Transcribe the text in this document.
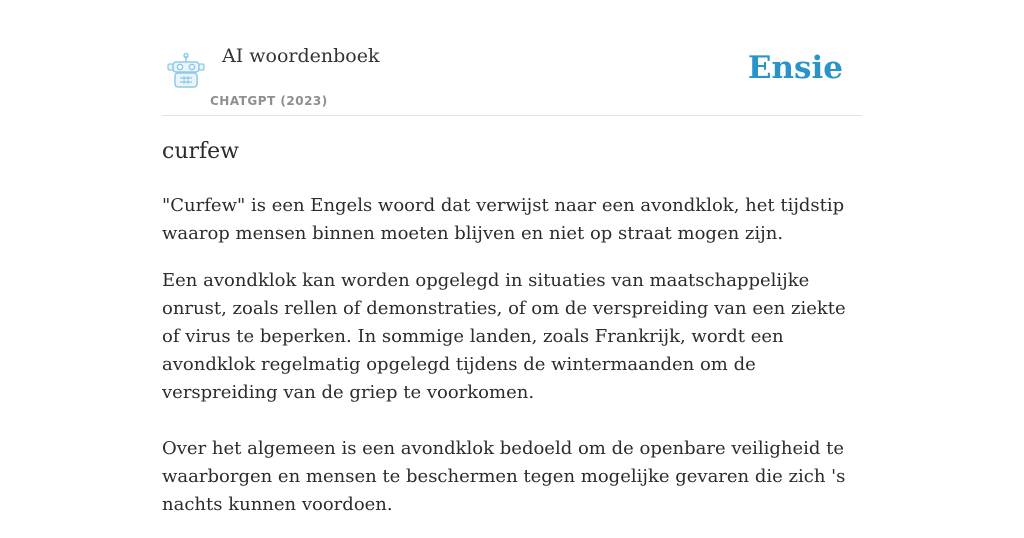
AI woordenboek
CHATGPT (2023)
Ensie
curfew

"Curfew" is een Engels woord dat verwijst naar een avondklok, het tijdstip waarop mensen binnen moeten blijven en niet op straat mogen zijn.

Een avondklok kan worden opgelegd in situaties van maatschappelijke onrust, zoals rellen of demonstraties, of om de verspreiding van een ziekte of virus te beperken. In sommige landen, zoals Frankrijk, wordt een avondklok regelmatig opgelegd tijdens de wintermaanden om de verspreiding van de griep te voorkomen.

Over het algemeen is een avondklok bedoeld om de openbare veiligheid te waarborgen en mensen te beschermen tegen mogelijke gevaren die zich 's nachts kunnen voordoen.
